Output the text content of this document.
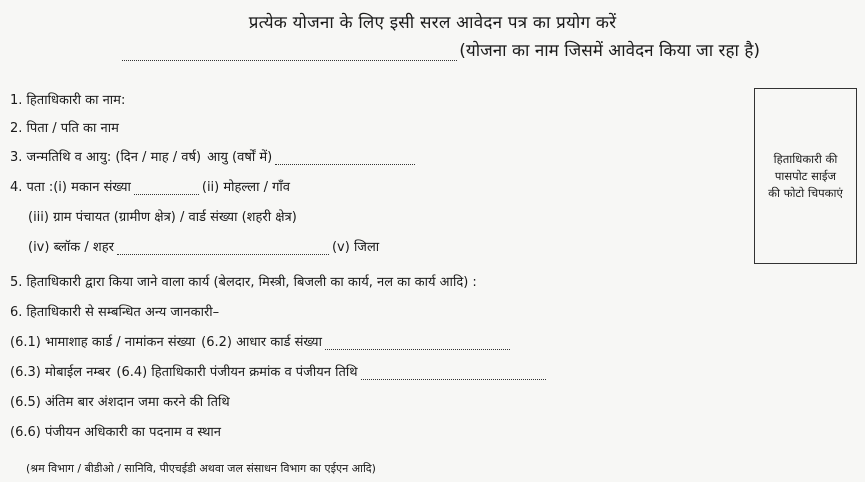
प्रत्येक योजना के लिए इसी सरल आवेदन पत्र का प्रयोग करें
(योजना का नाम जिसमें आवेदन किया जा रहा है)
1. हिताधिकारी का नाम:
2. पिता / पति का नाम
3. जन्मतिथि व आयु: (दिन / माह / वर्ष) आयु (वर्षों में)
4. पता :(i) मकान संख्या	(ii) मोहल्ला / गाँव
(iii) ग्राम पंचायत (ग्रामीण क्षेत्र) / वार्ड संख्या (शहरी क्षेत्र)
(iv) ब्लॉक / शहर	(v) जिला
हिताधिकारी की
पासपोट साईज
की फोटो चिपकाएं
5. हिताधिकारी द्वारा किया जाने वाला कार्य (बेलदार, मिस्त्री, बिजली का कार्य, नल का कार्य आदि) :
6. हिताधिकारी से सम्बन्धित अन्य जानकारी–
(6.1) भामाशाह कार्ड / नामांकन संख्या (6.2) आधार कार्ड संख्या
(6.3) मोबाईल नम्बर (6.4) हिताधिकारी पंजीयन क्रमांक व पंजीयन तिथि
(6.5) अंतिम बार अंशदान जमा करने की तिथि
(6.6) पंजीयन अधिकारी का पदनाम व स्थान
(श्रम विभाग / बीडीओ / सानिवि, पीएचईडी अथवा जल संसाधन विभाग का एईएन आदि)
